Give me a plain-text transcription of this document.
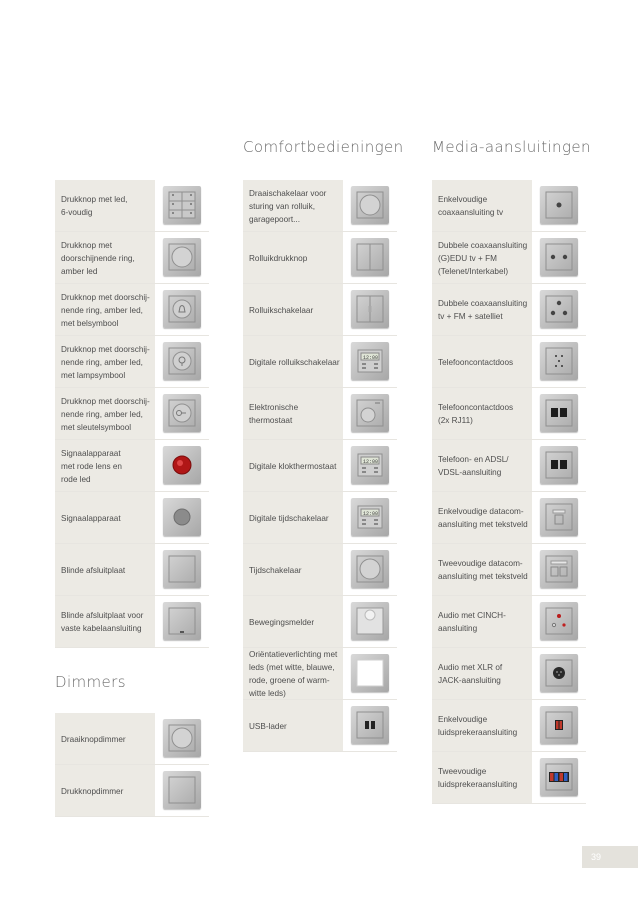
Comfortbedieningen Media-aansluitingen
Dimmers
Drukknop met led,
6-voudig
Drukknop met
doorschijnende ring,
amber led
Drukknop met doorschij-
nende ring, amber led,
met belsymbool
Drukknop met doorschij-
nende ring, amber led,
met lampsymbool
Drukknop met doorschij-
nende ring, amber led,
met sleutelsymbool
Signaalapparaat
met rode lens en
rode led
Signaalapparaat
Blinde afsluitplaat
Blinde afsluitplaat voor
vaste kabelaansluiting
Draaiknopdimmer
Drukknopdimmer
Draaischakelaar voor
sturing van rolluik,
garagepoort...
Rolluikdrukknop
Rolluikschakelaar
Digitale rolluikschakelaar	12:00
Elektronische
thermostaat
Digitale klokthermostaat	12:00
Digitale tijdschakelaar	12:00
Tijdschakelaar
Bewegingsmelder
Oriëntatieverlichting met
leds (met witte, blauwe,
rode, groene of warm-
witte leds)
USB-lader
Enkelvoudige
coaxaansluiting tv
Dubbele coaxaansluiting
(G)EDU tv + FM
(Telenet/Interkabel)
Dubbele coaxaansluiting
tv + FM + satelliet
Telefooncontactdoos
Telefooncontactdoos
(2x RJ11)
Telefoon- en ADSL/
VDSL-aansluiting
Enkelvoudige datacom-
aansluiting met tekstveld
Tweevoudige datacom-
aansluiting met tekstveld
Audio met CINCH-
aansluiting
Audio met XLR of
JACK-aansluiting
Enkelvoudige
luidsprekeraansluiting
Tweevoudige
luidsprekeraansluiting
39
